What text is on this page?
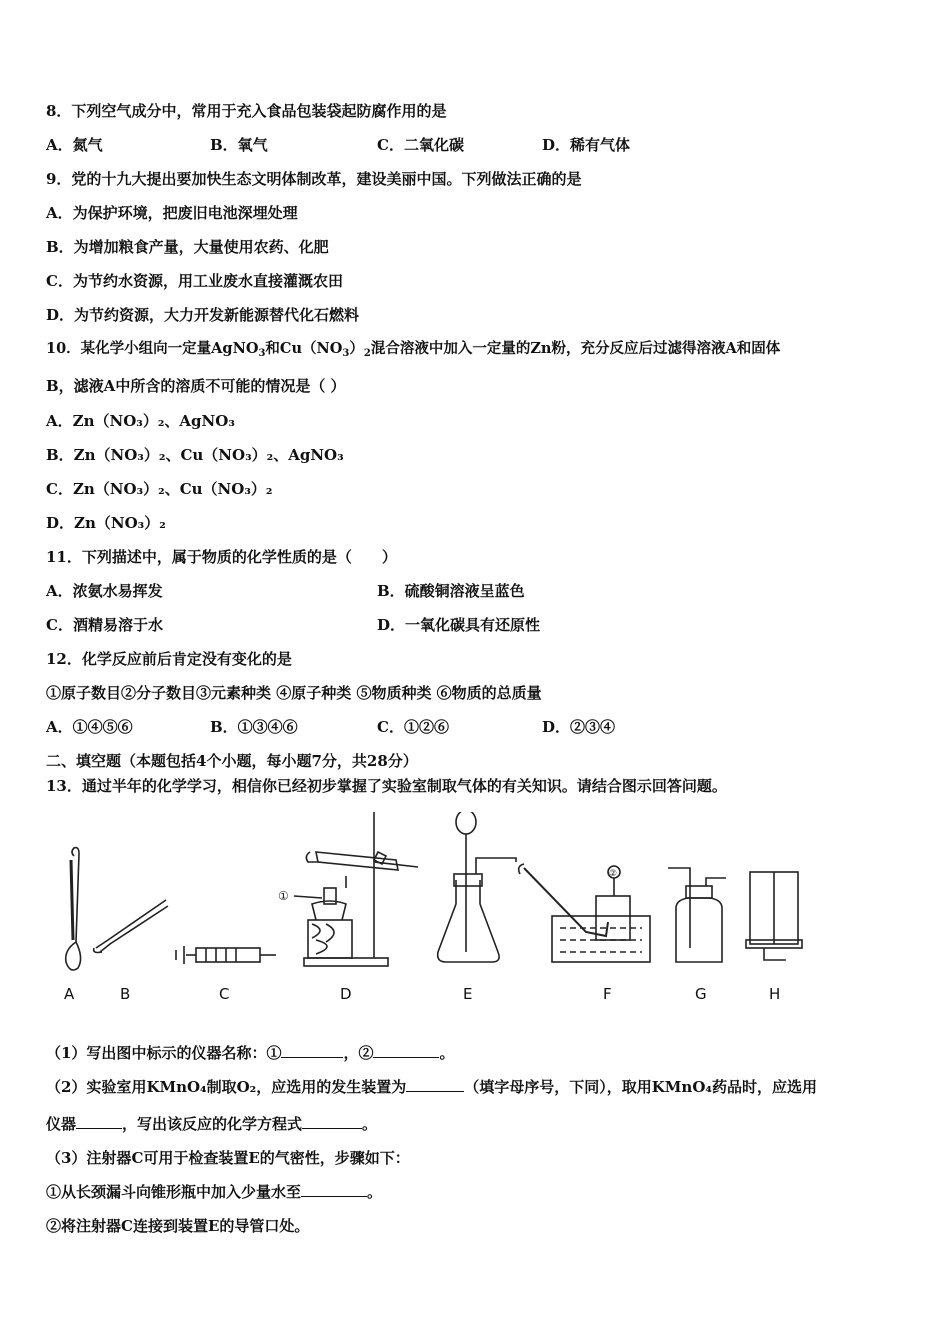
8．下列空气成分中，常用于充入食品包装袋起防腐作用的是
A．氮气	B．氧气	C．二氧化碳	D．稀有气体
9．党的十九大提出要加快生态文明体制改革，建设美丽中国。下列做法正确的是
A．为保护环境，把废旧电池深埋处理
B．为增加粮食产量，大量使用农药、化肥
C．为节约水资源，用工业废水直接灌溉农田
D．为节约资源，大力开发新能源替代化石燃料
10．某化学小组向一定量AgNO$_3$和$Cu(NO_3)_2$混合溶液中加入一定量的Zn粉，充分反应后过滤得溶液A和固体
B，滤液A中所含的溶质不可能的情况是（ ）
A．Zn（NO₃）₂、AgNO₃
B．Zn（NO₃）₂、Cu（NO₃）₂、AgNO₃
C．Zn（NO₃）₂、Cu（NO₃）₂
D．Zn（NO₃）₂
11．下列描述中，属于物质的化学性质的是（　　）
A．浓氨水易挥发	B．硫酸铜溶液呈蓝色
C．酒精易溶于水	D．一氧化碳具有还原性
12．化学反应前后肯定没有变化的是
①原子数目②分子数目③元素种类 ④原子种类 ⑤物质种类 ⑥物质的总质量
A．①④⑤⑥	B．①③④⑥	C．①②⑥	D．②③④
二、填空题（本题包括4个小题，每小题7分，共28分）
13．通过半年的化学学习，相信你已经初步掌握了实验室制取气体的有关知识。请结合图示回答问题。
①
②
A	B	C	D	E	F	G	H
（1）写出图中标示的仪器名称：①	，②	。
（2）实验室用KMnO₄制取O₂，应选用的发生装置为	（填字母序号，下同），取用KMnO₄药品时，应选用
仪器	，写出该反应的化学方程式	。
（3）注射器C可用于检查装置E的气密性，步骤如下：
①从长颈漏斗向锥形瓶中加入少量水至	。
②将注射器C连接到装置E的导管口处。
